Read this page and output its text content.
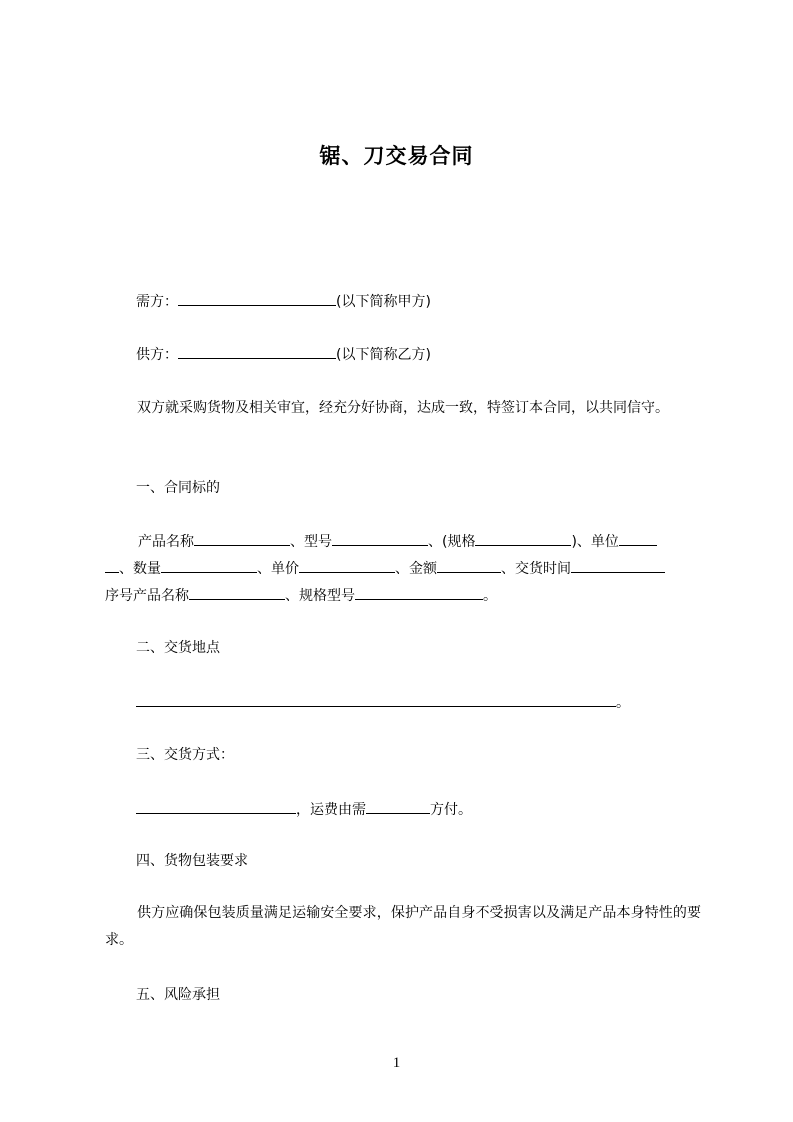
锯、刀交易合同
需方：	(以下简称甲方)
供方：	(以下简称乙方)
双方就采购货物及相关审宜，经充分好协商，达成一致，特签订本合同，以共同信守。
一、合同标的
产品名称	、型号	、(规格	)、单位
、数量	、单价	、金额	、交货时间
序号产品名称	、规格型号	。
二、交货地点
。
三、交货方式：
，运费由需	方付。
四、货物包装要求
供方应确保包装质量满足运输安全要求，保护产品自身不受损害以及满足产品本身特性的要求。
五、风险承担
1
